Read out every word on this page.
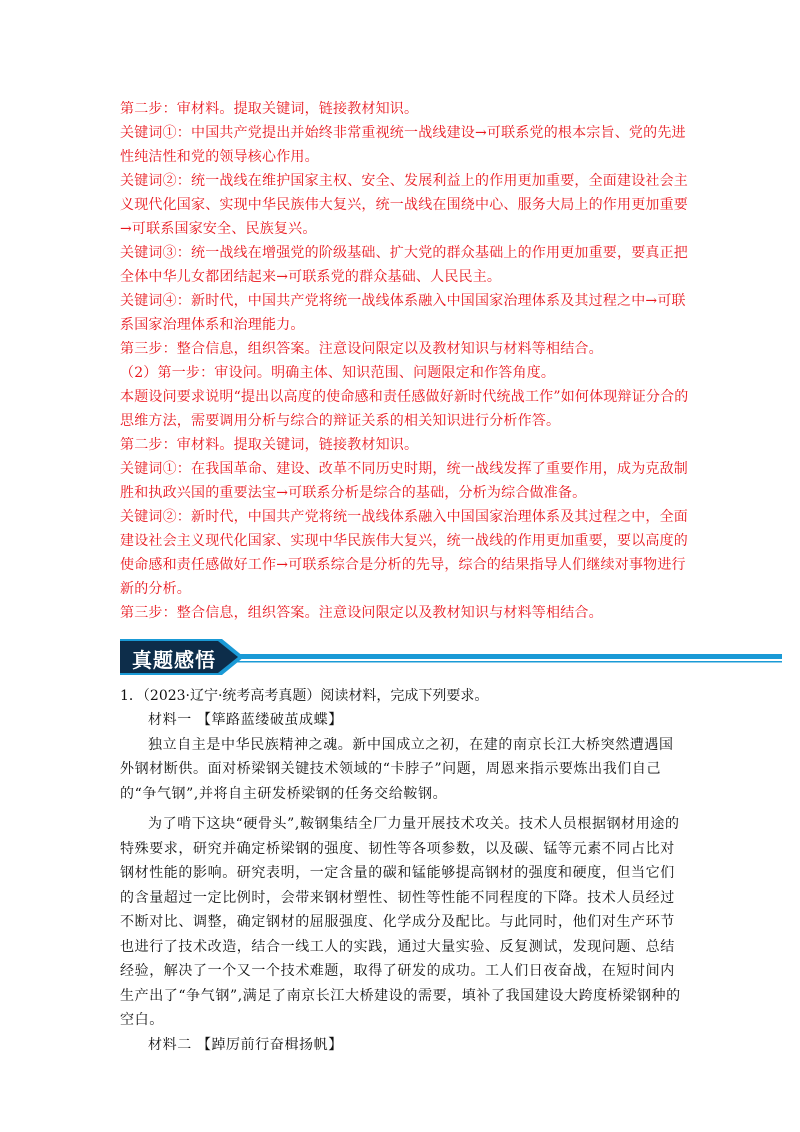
第二步：审材料。提取关键词，链接教材知识。

关键词①：中国共产党提出并始终非常重视统一战线建设→可联系党的根本宗旨、党的先进性纯洁性和党的领导核心作用。

关键词②：统一战线在维护国家主权、安全、发展利益上的作用更加重要，全面建设社会主义现代化国家、实现中华民族伟大复兴，统一战线在围绕中心、服务大局上的作用更加重要→可联系国家安全、民族复兴。

关键词③：统一战线在增强党的阶级基础、扩大党的群众基础上的作用更加重要，要真正把全体中华儿女都团结起来→可联系党的群众基础、人民民主。

关键词④：新时代，中国共产党将统一战线体系融入中国国家治理体系及其过程之中→可联系国家治理体系和治理能力。

第三步：整合信息，组织答案。注意设问限定以及教材知识与材料等相结合。

（2）第一步：审设问。明确主体、知识范围、问题限定和作答角度。

本题设问要求说明“提出以高度的使命感和责任感做好新时代统战工作”如何体现辩证分合的思维方法，需要调用分析与综合的辩证关系的相关知识进行分析作答。

第二步：审材料。提取关键词，链接教材知识。

关键词①：在我国革命、建设、改革不同历史时期，统一战线发挥了重要作用，成为克敌制胜和执政兴国的重要法宝→可联系分析是综合的基础，分析为综合做准备。

关键词②：新时代，中国共产党将统一战线体系融入中国国家治理体系及其过程之中，全面建设社会主义现代化国家、实现中华民族伟大复兴，统一战线的作用更加重要，要以高度的使命感和责任感做好工作→可联系综合是分析的先导，综合的结果指导人们继续对事物进行新的分析。

第三步：整合信息，组织答案。注意设问限定以及教材知识与材料等相结合。

真题感悟
1．（2023·辽宁·统考高考真题）阅读材料，完成下列要求。

材料一 【筚路蓝缕破茧成蝶】

独立自主是中华民族精神之魂。新中国成立之初，在建的南京长江大桥突然遭遇国外钢材断供。面对桥梁钢关键技术领域的“卡脖子”问题，周恩来指示要炼出我们自己的“争气钢”,并将自主研发桥梁钢的任务交给鞍钢。

为了啃下这块“硬骨头”,鞍钢集结全厂力量开展技术攻关。技术人员根据钢材用途的特殊要求，研究并确定桥梁钢的强度、韧性等各项参数，以及碳、锰等元素不同占比对钢材性能的影响。研究表明，一定含量的碳和锰能够提高钢材的强度和硬度，但当它们的含量超过一定比例时，会带来钢材塑性、韧性等性能不同程度的下降。技术人员经过不断对比、调整，确定钢材的屈服强度、化学成分及配比。与此同时，他们对生产环节也进行了技术改造，结合一线工人的实践，通过大量实验、反复测试，发现问题、总结经验，解决了一个又一个技术难题，取得了研发的成功。工人们日夜奋战，在短时间内生产出了“争气钢”,满足了南京长江大桥建设的需要，填补了我国建设大跨度桥梁钢种的空白。

材料二 【踔厉前行奋楫扬帆】
